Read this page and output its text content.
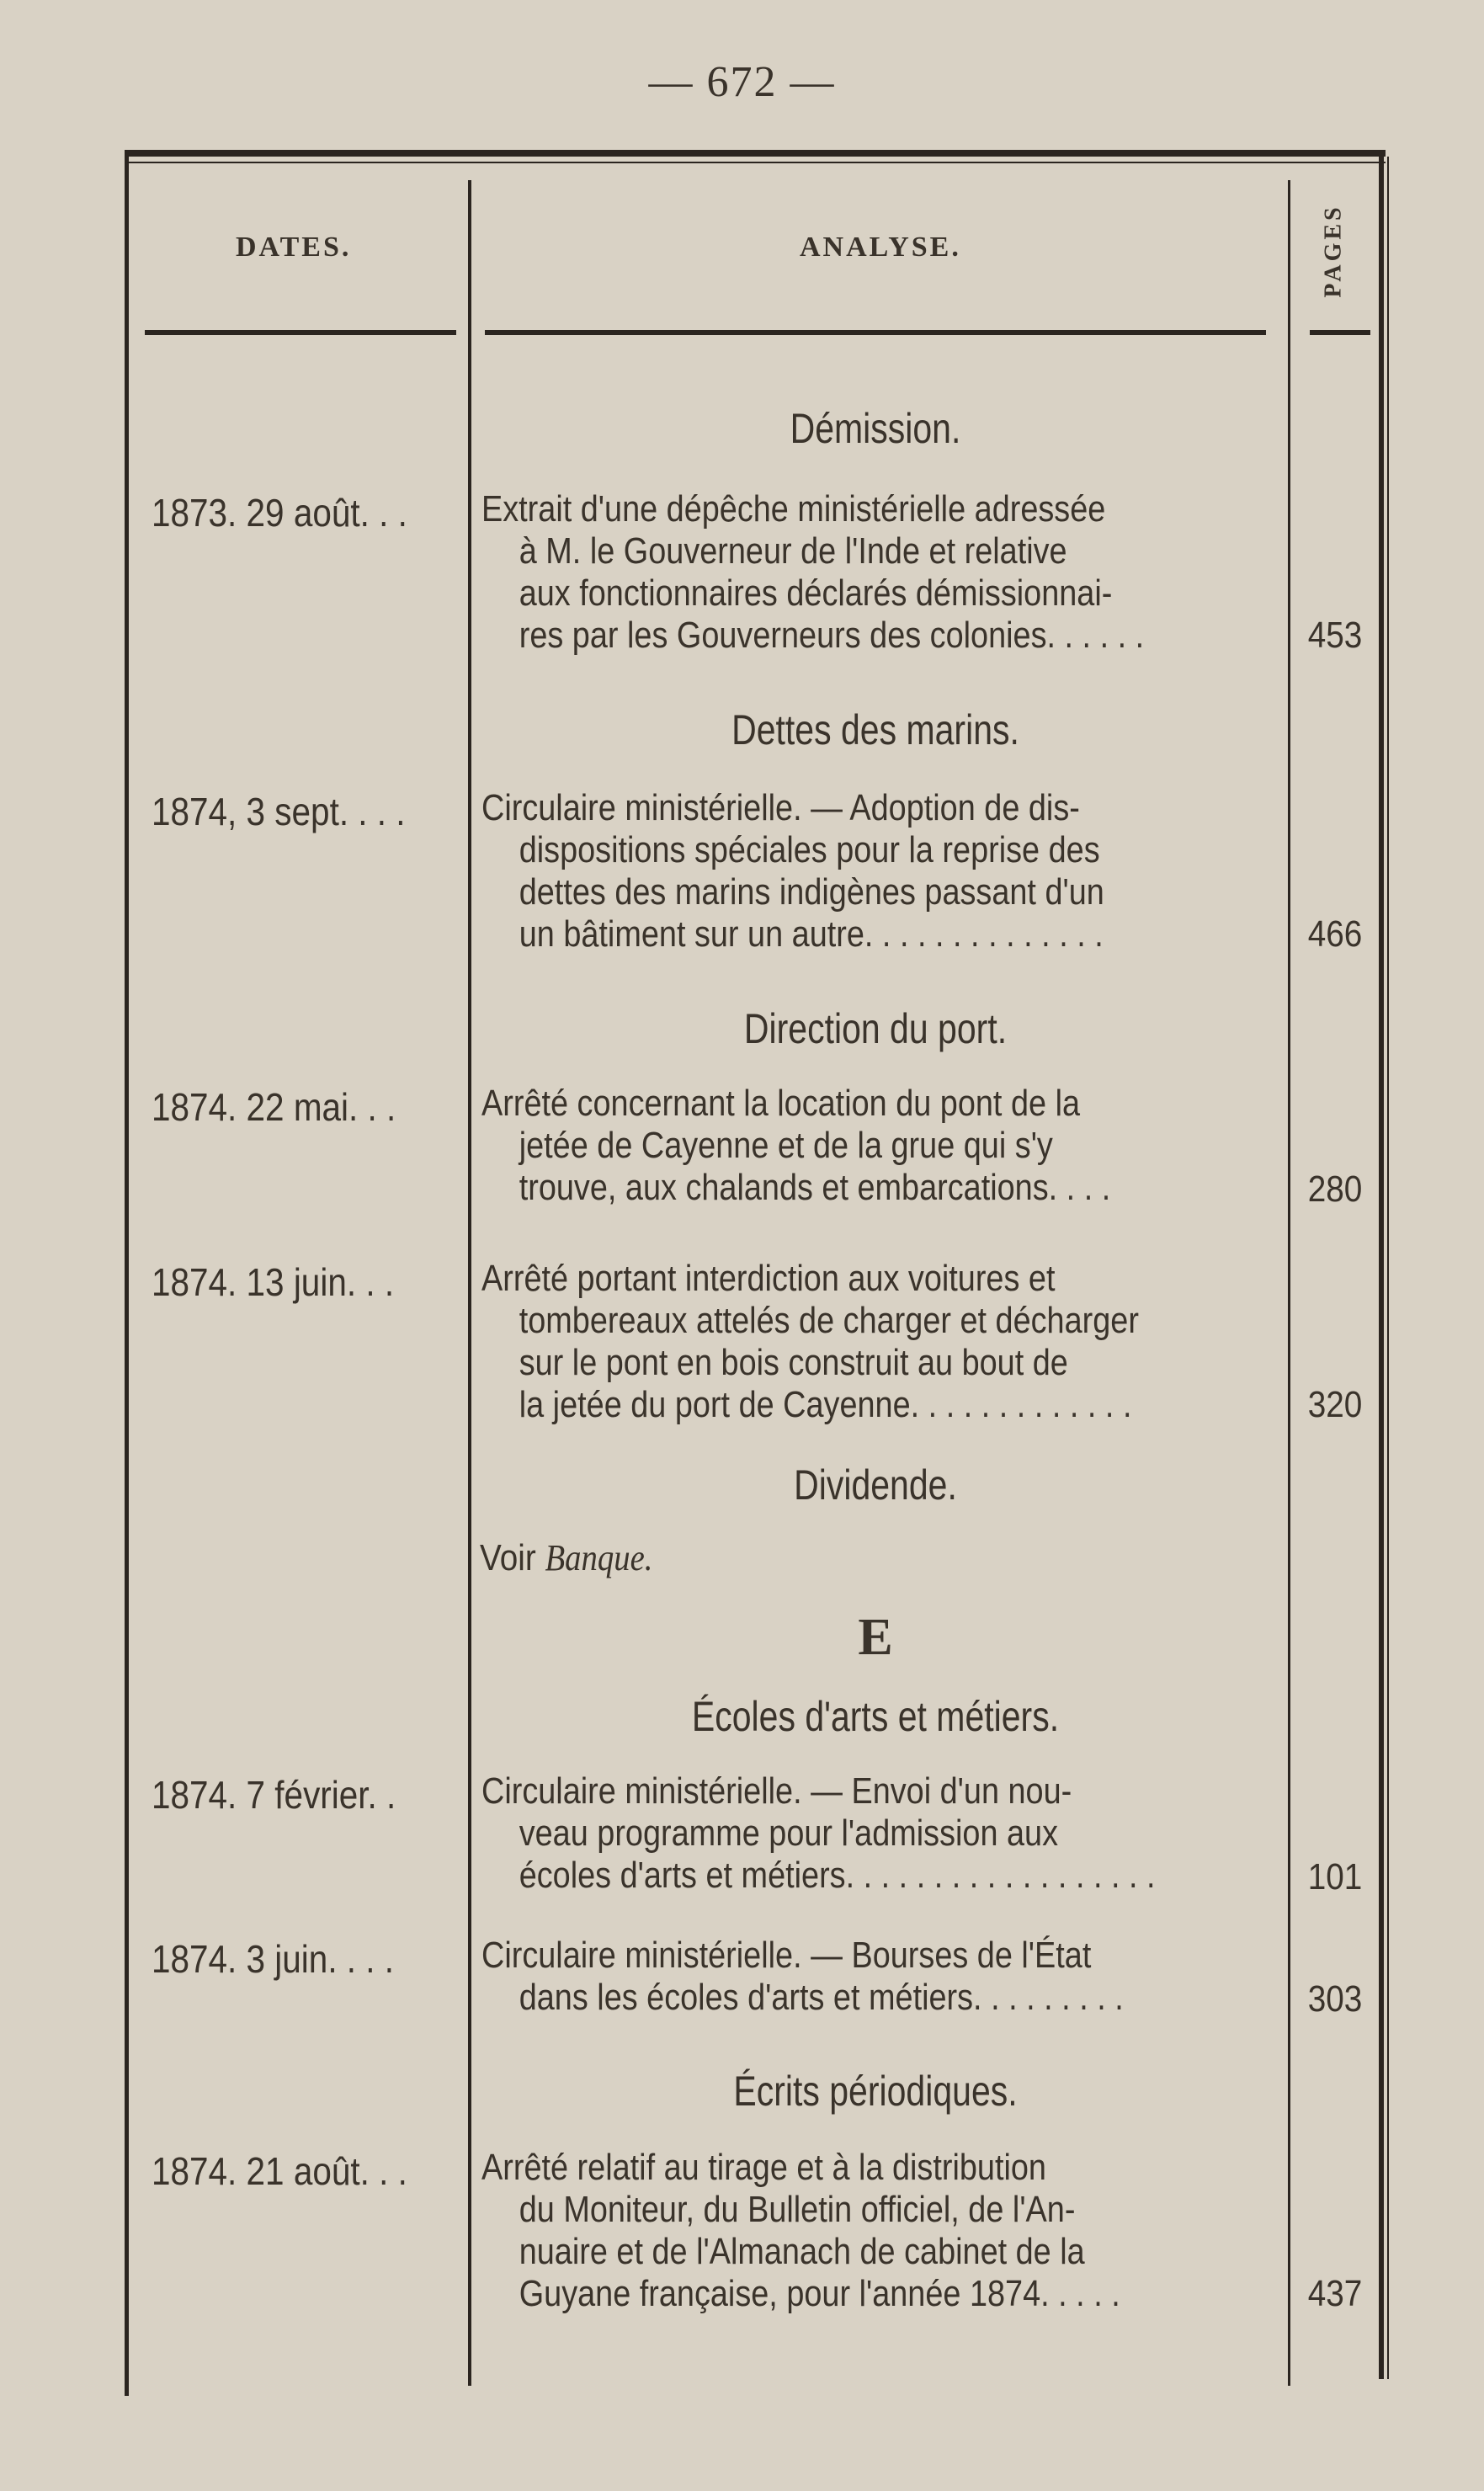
— 672 —
DATES.	ANALYSE.	PAGES
Démission.
1873. 29 août. . .	Extrait d'une dépêche ministérielle adressée
à M. le Gouverneur de l'Inde et relative
aux fonctionnaires déclarés démissionnai-
res par les Gouverneurs des colonies. . . . . .	453
Dettes des marins.
1874, 3 sept. . . .	Circulaire ministérielle. — Adoption de dis-
dispositions spéciales pour la reprise des
dettes des marins indigènes passant d'un
un bâtiment sur un autre. . . . . . . . . . . . . .	466
Direction du port.
1874. 22 mai. . .	Arrêté concernant la location du pont de la
jetée de Cayenne et de la grue qui s'y
trouve, aux chalands et embarcations. . . .	280
1874. 13 juin. . .	Arrêté portant interdiction aux voitures et
tombereaux attelés de charger et décharger
sur le pont en bois construit au bout de
la jetée du port de Cayenne. . . . . . . . . . . . .	320
Dividende.
Voir Banque.
E
Écoles d'arts et métiers.
1874. 7 février. .	Circulaire ministérielle. — Envoi d'un nou-
veau programme pour l'admission aux
écoles d'arts et métiers. . . . . . . . . . . . . . . . . .	101
1874. 3 juin. . . .	Circulaire ministérielle. — Bourses de l'État
dans les écoles d'arts et métiers. . . . . . . . .	303
Écrits périodiques.
1874. 21 août. . .	Arrêté relatif au tirage et à la distribution
du Moniteur, du Bulletin officiel, de l'An-
nuaire et de l'Almanach de cabinet de la
Guyane française, pour l'année 1874. . . . .	437
